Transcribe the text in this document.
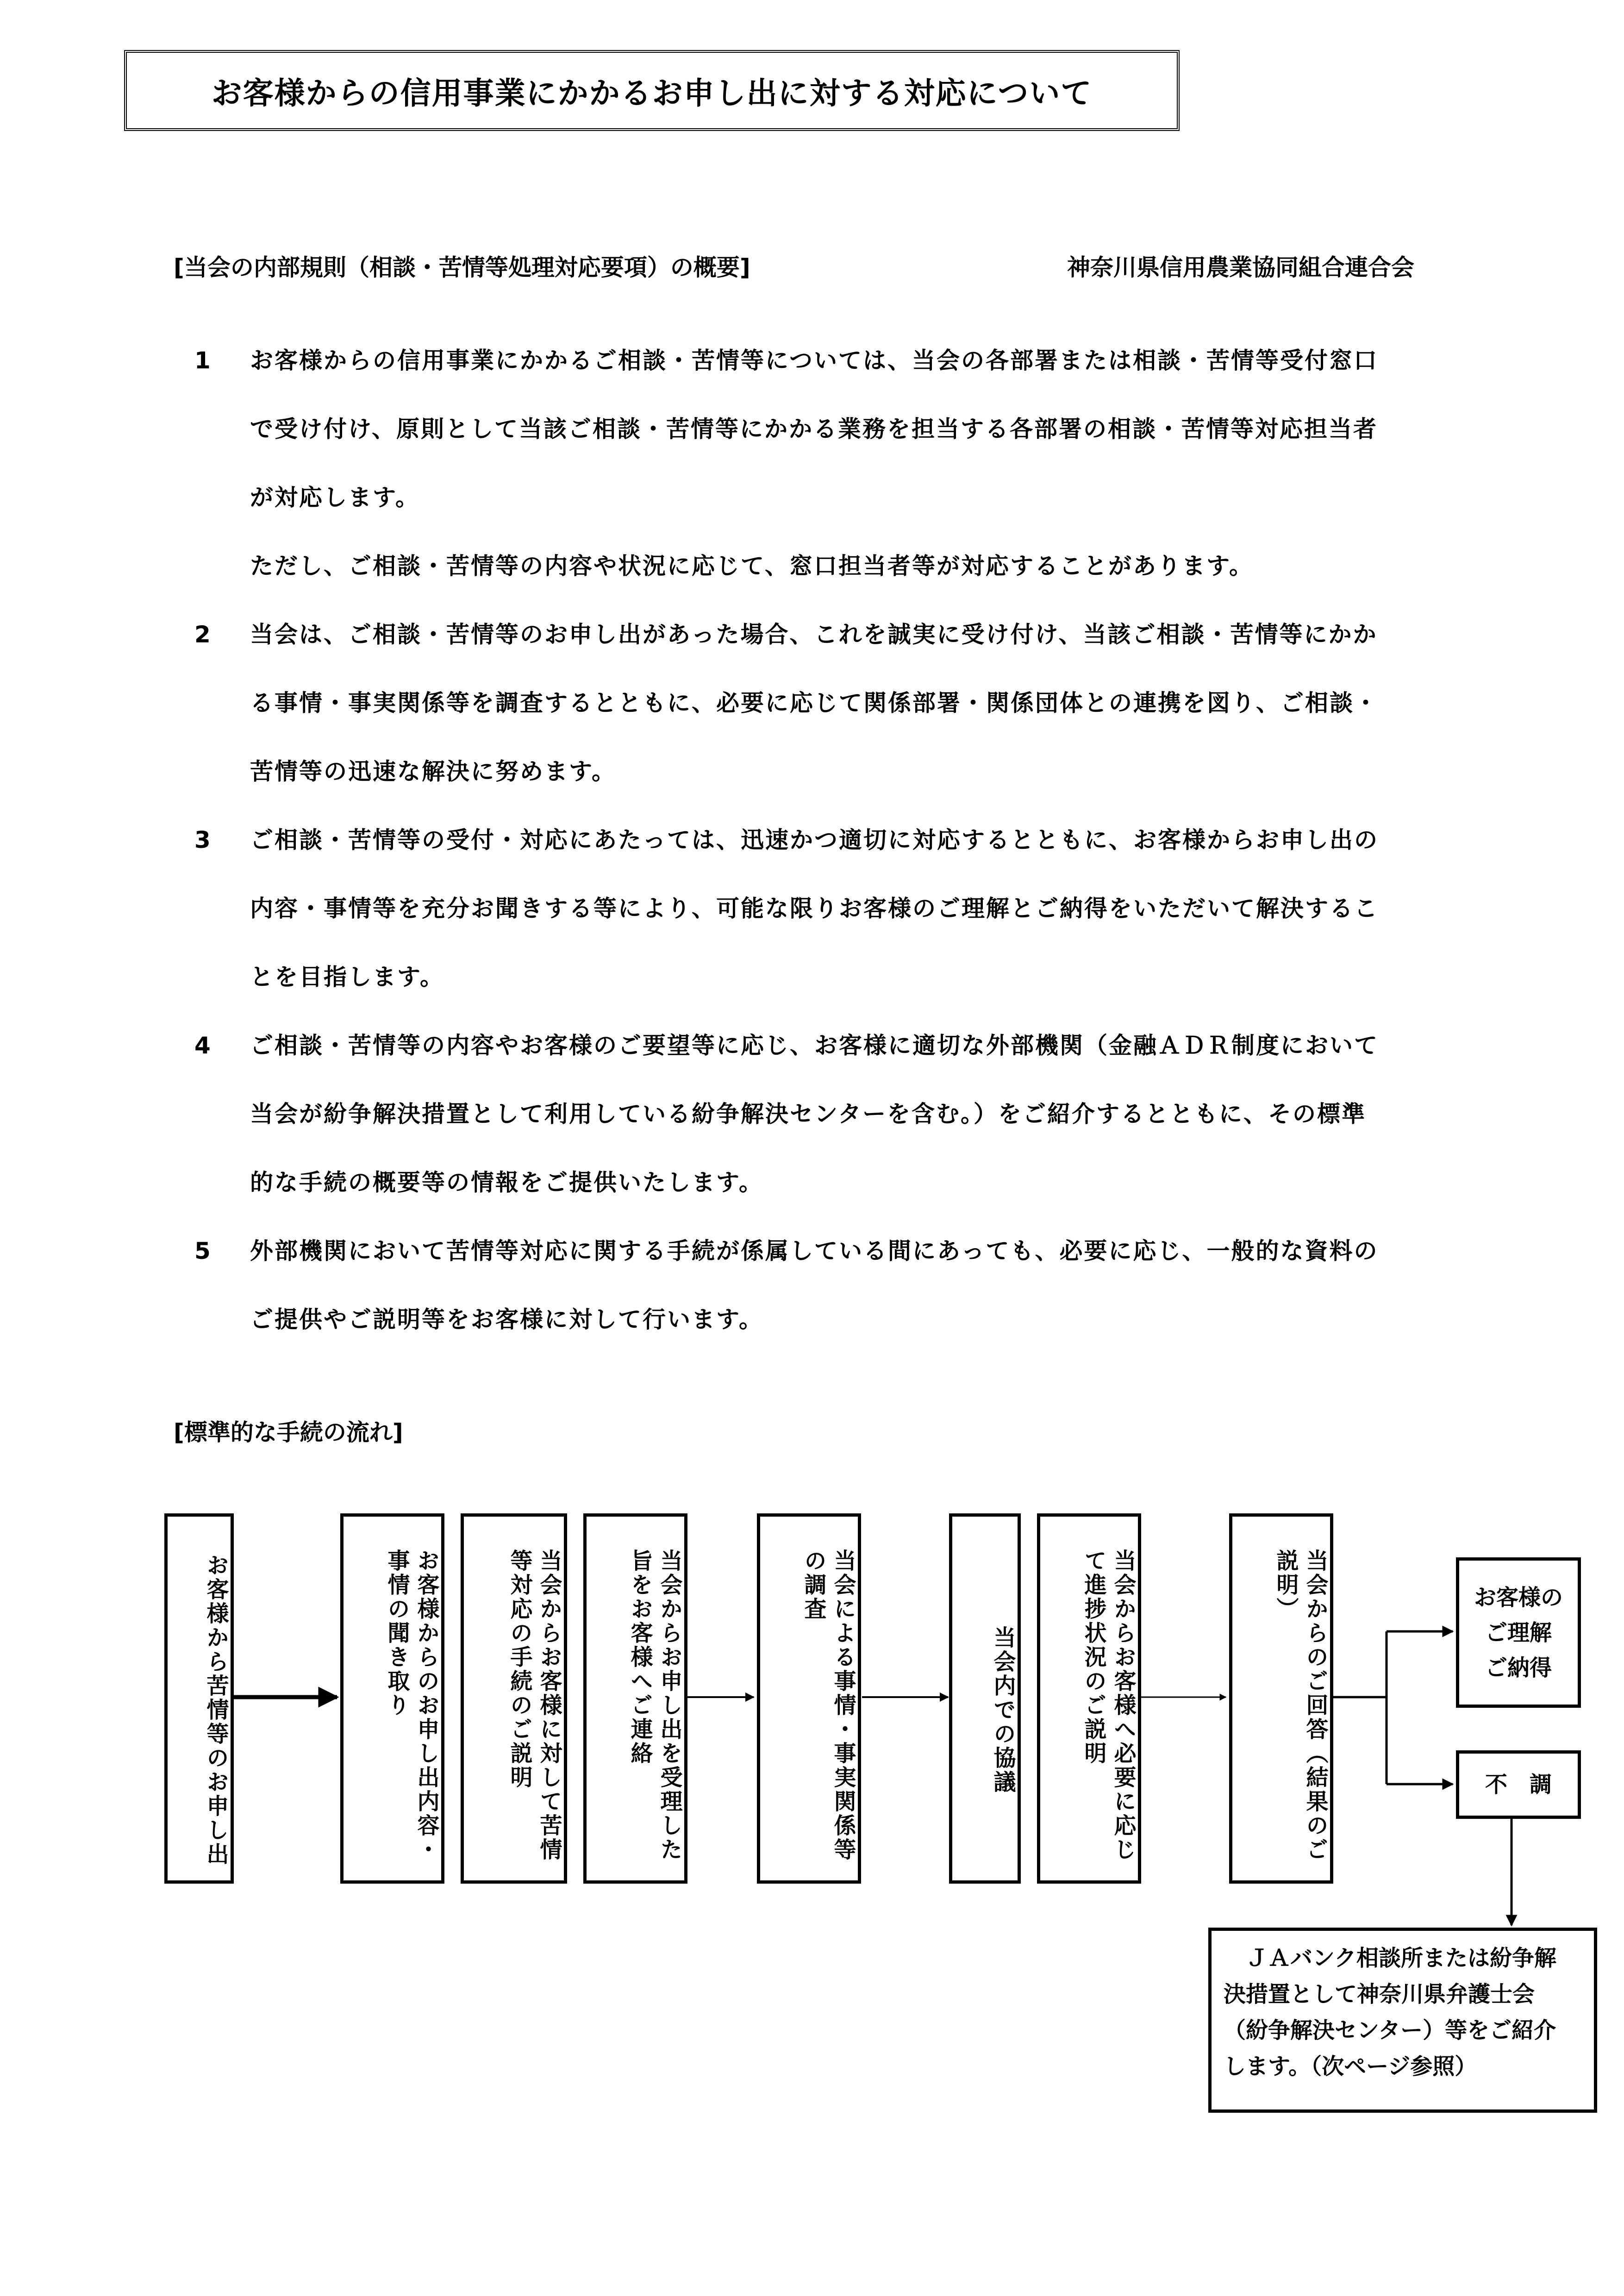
お客様からの信用事業にかかるお申し出に対する対応について
[当会の内部規則（相談・苦情等処理対応要項）の概要]	神奈川県信用農業協同組合連合会
1 お客様からの信用事業にかかるご相談・苦情等については、当会の各部署または相談・苦情等受付窓口

で受け付け、原則として当該ご相談・苦情等にかかる業務を担当する各部署の相談・苦情等対応担当者

が対応します。

ただし、ご相談・苦情等の内容や状況に応じて、窓口担当者等が対応することがあります。

2 当会は、ご相談・苦情等のお申し出があった場合、これを誠実に受け付け、当該ご相談・苦情等にかか

る事情・事実関係等を調査するとともに、必要に応じて関係部署・関係団体との連携を図り、ご相談・

苦情等の迅速な解決に努めます。

3 ご相談・苦情等の受付・対応にあたっては、迅速かつ適切に対応するとともに、お客様からお申し出の

内容・事情等を充分お聞きする等により、可能な限りお客様のご理解とご納得をいただいて解決するこ

とを目指します。

4 ご相談・苦情等の内容やお客様のご要望等に応じ、お客様に適切な外部機関（金融ＡＤＲ制度において

当会が紛争解決措置として利用している紛争解決センターを含む。）をご紹介するとともに、その標準

的な手続の概要等の情報をご提供いたします。

5 外部機関において苦情等対応に関する手続が係属している間にあっても、必要に応じ、一般的な資料の

ご提供やご説明等をお客様に対して行います。

[標準的な手続の流れ]
お客様から苦情等のお申し出	お客様からのお申し出内容・事情の聞き取り	当会からお客様に対して苦情等対応の手続のご説明	当会からお申し出を受理した旨をお客様へご連絡	当会による事情・事実関係等の調査
当会内での協議	当会からお客様へ必要に応じて進捗状況のご説明	当会からのご回答（結果のご説明）	お客様の
ご理解
ご納得
不　調
　ＪＡバンク相談所または紛争解
決措置として神奈川県弁護士会
（紛争解決センター）等をご紹介
します。（次ページ参照）
